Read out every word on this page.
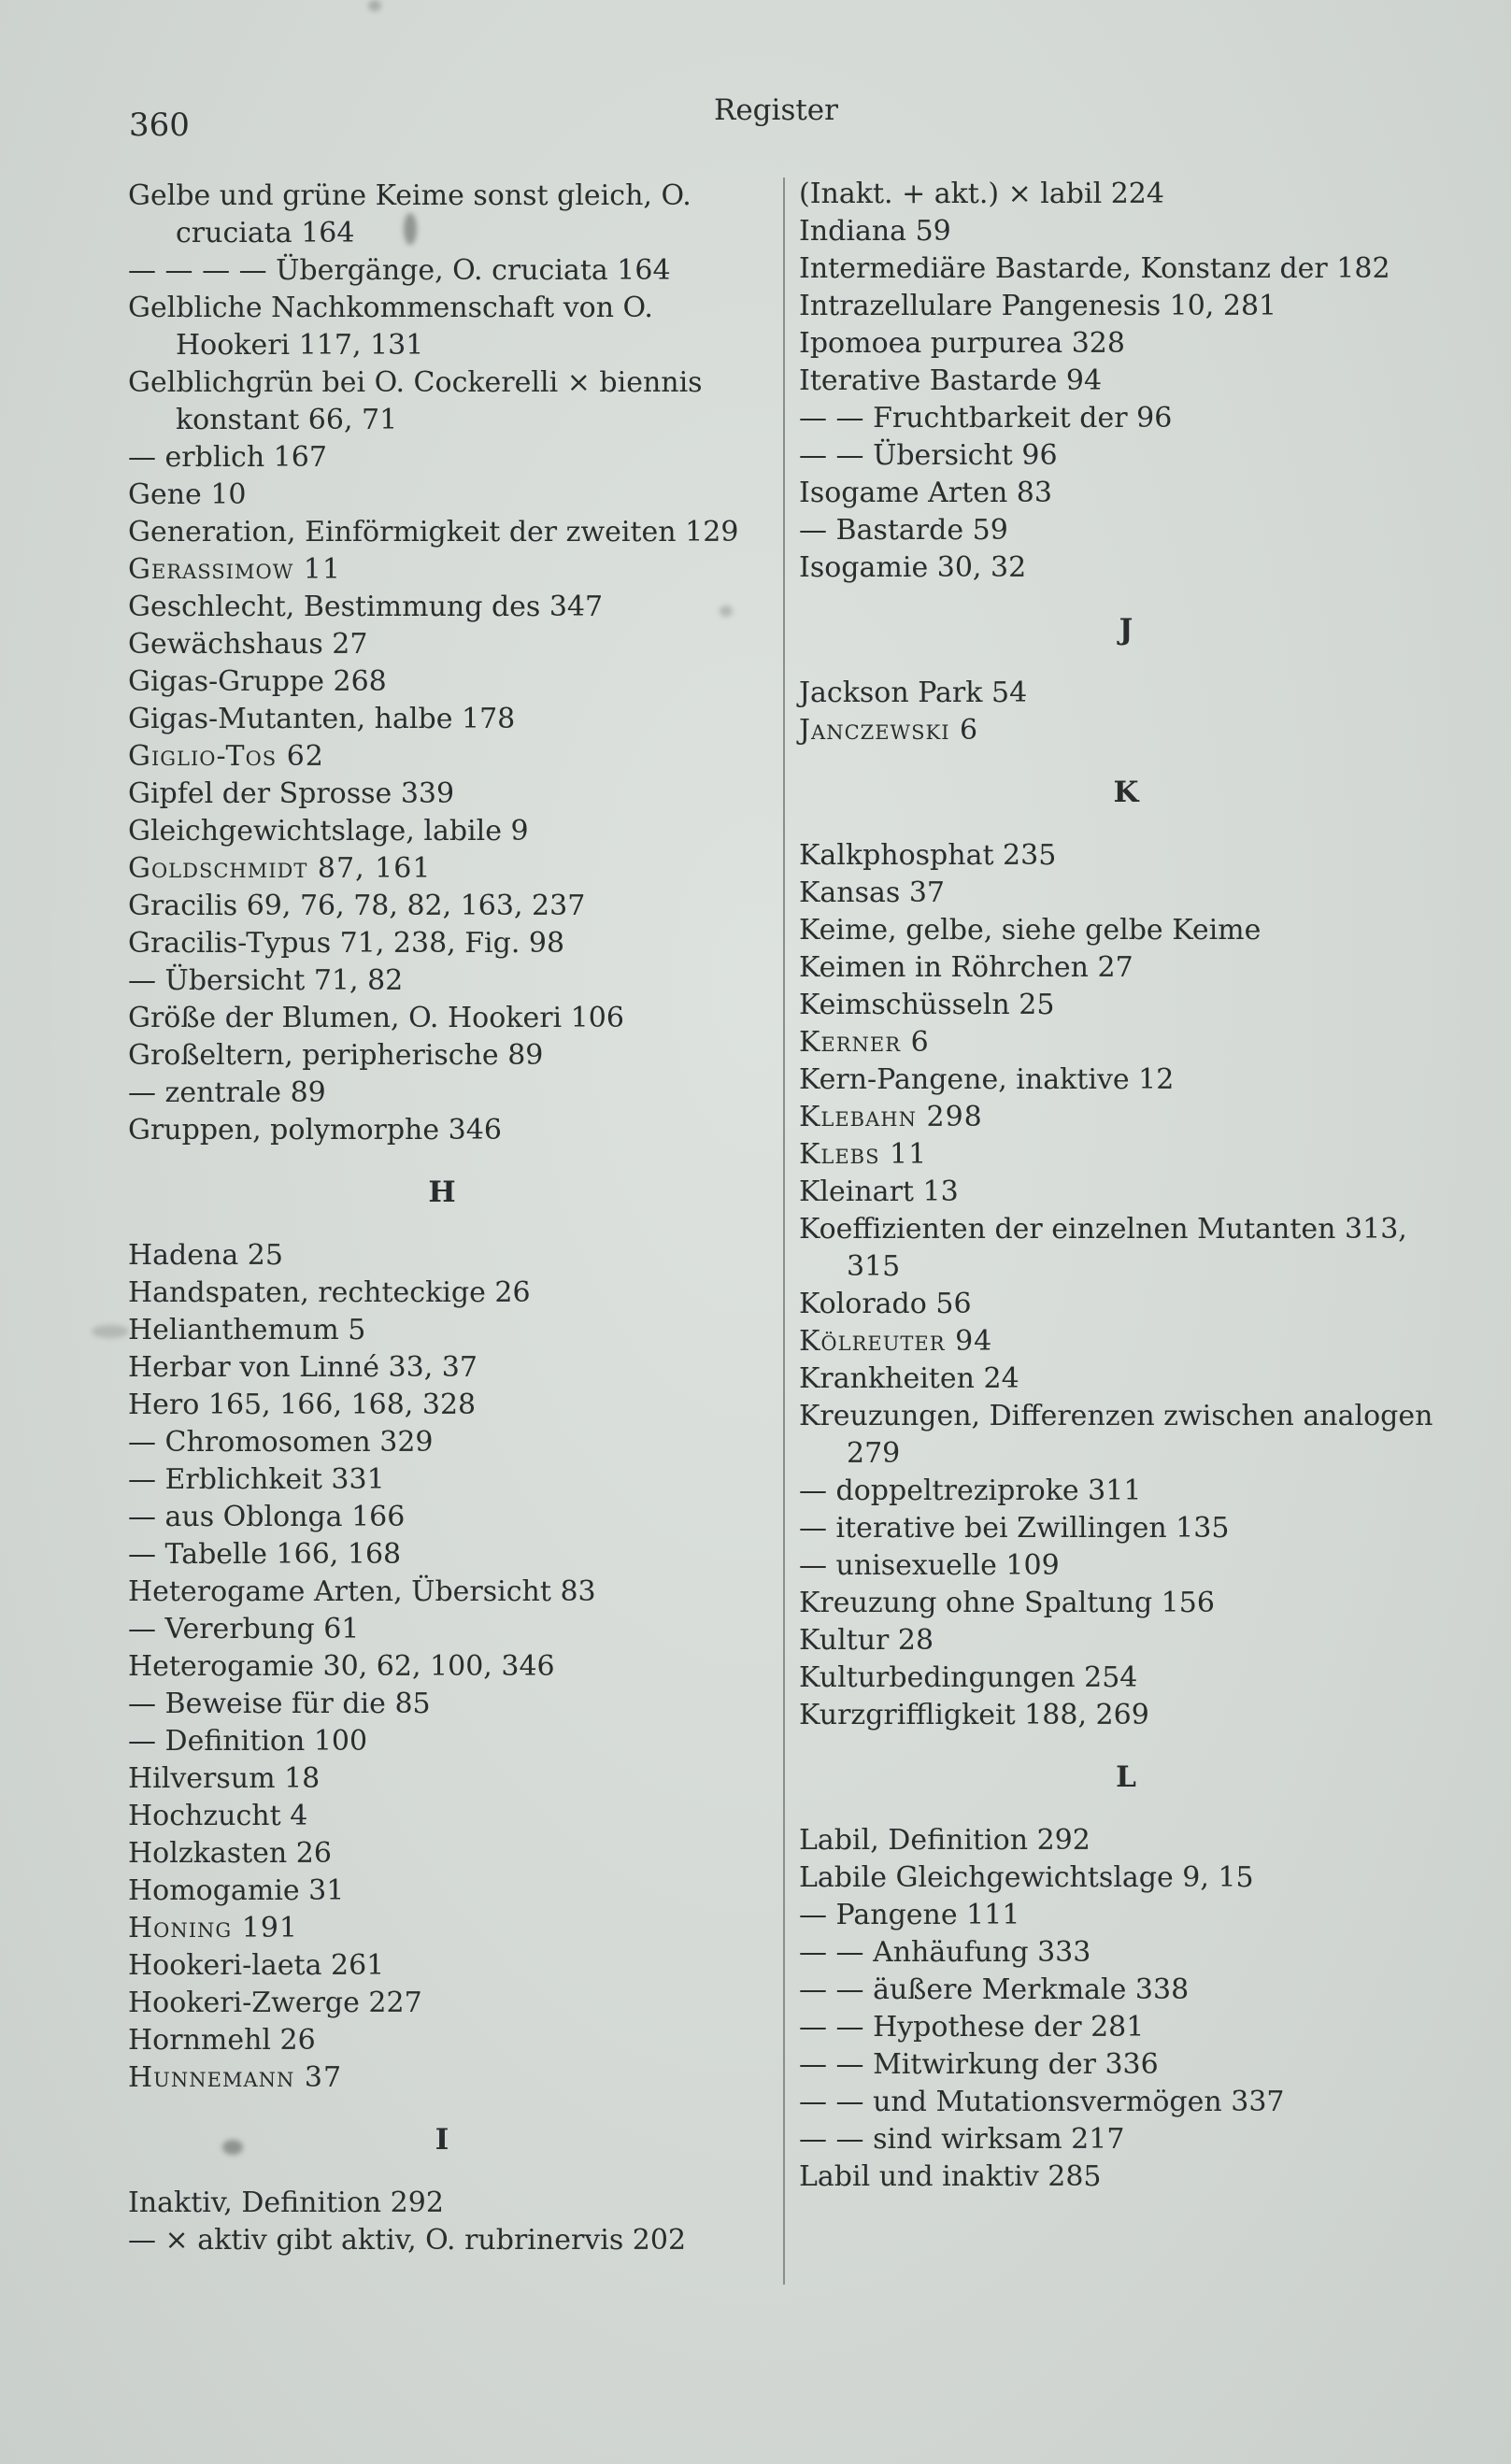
360	Register
Gelbe und grüne Keime sonst gleich, O. cruciata 164
— — — — Übergänge, O. cruciata 164
Gelbliche Nachkommenschaft von O. Hookeri 117, 131
Gelblichgrün bei O. Cockerelli × biennis konstant 66, 71
— erblich 167
Gene 10
Generation, Einförmigkeit der zweiten 129
Gerassimow 11
Geschlecht, Bestimmung des 347
Gewächshaus 27
Gigas-Gruppe 268
Gigas-Mutanten, halbe 178
Giglio-Tos 62
Gipfel der Sprosse 339
Gleichgewichtslage, labile 9
Goldschmidt 87, 161
Gracilis 69, 76, 78, 82, 163, 237
Gracilis-Typus 71, 238, Fig. 98
— Übersicht 71, 82
Größe der Blumen, O. Hookeri 106
Großeltern, peripherische 89
— zentrale 89
Gruppen, polymorphe 346
H
Hadena 25
Handspaten, rechteckige 26
Helianthemum 5
Herbar von Linné 33, 37
Hero 165, 166, 168, 328
— Chromosomen 329
— Erblichkeit 331
— aus Oblonga 166
— Tabelle 166, 168
Heterogame Arten, Übersicht 83
— Vererbung 61
Heterogamie 30, 62, 100, 346
— Beweise für die 85
— Definition 100
Hilversum 18
Hochzucht 4
Holzkasten 26
Homogamie 31
Honing 191
Hookeri-laeta 261
Hookeri-Zwerge 227
Hornmehl 26
Hunnemann 37
I
Inaktiv, Definition 292
— × aktiv gibt aktiv, O. rubrinervis 202
(Inakt. + akt.) × labil 224
Indiana 59
Intermediäre Bastarde, Konstanz der 182
Intrazellulare Pangenesis 10, 281
Ipomoea purpurea 328
Iterative Bastarde 94
— — Fruchtbarkeit der 96
— — Übersicht 96
Isogame Arten 83
— Bastarde 59
Isogamie 30, 32
J
Jackson Park 54
Janczewski 6
K
Kalkphosphat 235
Kansas 37
Keime, gelbe, siehe gelbe Keime
Keimen in Röhrchen 27
Keimschüsseln 25
Kerner 6
Kern-Pangene, inaktive 12
Klebahn 298
Klebs 11
Kleinart 13
Koeffizienten der einzelnen Mutanten 313, 315
Kolorado 56
Kölreuter 94
Krankheiten 24
Kreuzungen, Differenzen zwischen analogen 279
— doppeltreziproke 311
— iterative bei Zwillingen 135
— unisexuelle 109
Kreuzung ohne Spaltung 156
Kultur 28
Kulturbedingungen 254
Kurzgriffligkeit 188, 269
L
Labil, Definition 292
Labile Gleichgewichtslage 9, 15
— Pangene 111
— — Anhäufung 333
— — äußere Merkmale 338
— — Hypothese der 281
— — Mitwirkung der 336
— — und Mutationsvermögen 337
— — sind wirksam 217
Labil und inaktiv 285
